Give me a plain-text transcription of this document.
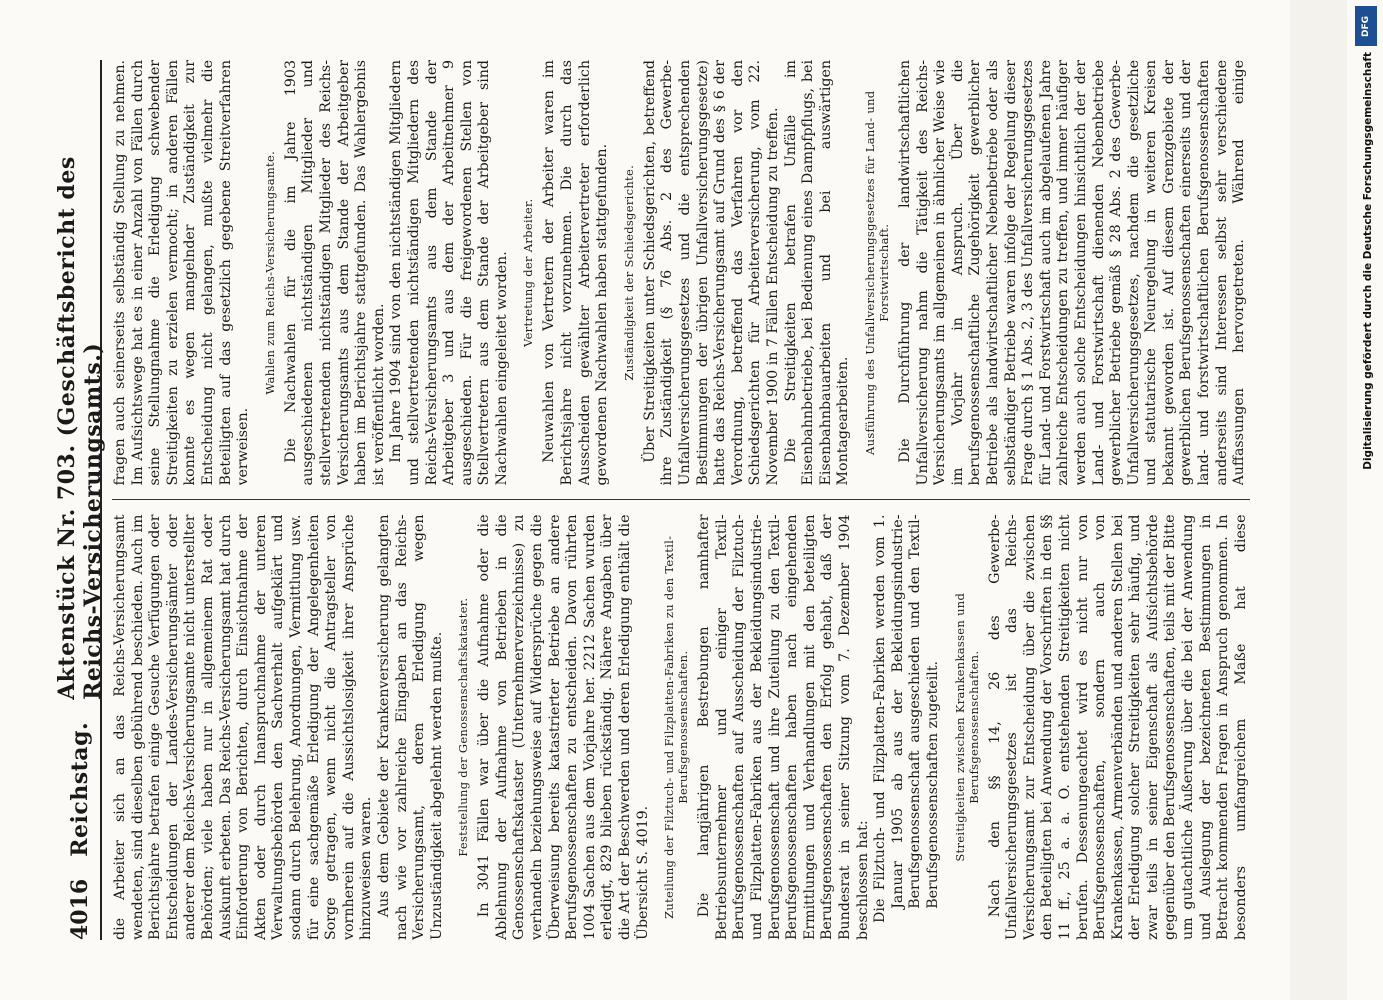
4016
Reichstag.
Aktenstück Nr. 703. (Geschäftsbericht des Reichs-Versicherungsamts.) die Arbeiter sich an das Reichs-Versicherungsamt wendeten, sind dieselben gebührend beschieden. Auch im Berichtsjahre betrafen einige Gesuche Verfügungen oder Entscheidungen der Landes-Versicherungsämter oder anderer dem Reichs-Versicherungsamte nicht unterstellter Behörden; viele haben nur in allgemeinem Rat oder Auskunft erbeten. Das Reichs-Versicherungsamt hat durch Einforderung von Berichten, durch Einsichtnahme der Akten oder durch Inanspruchnahme der unteren Verwaltungsbehörden den Sachverhalt aufgeklärt und sodann durch Belehrung, Anordnungen, Vermittlung usw. für eine sachgemäße Erledigung der Angelegenheiten Sorge getragen, wenn nicht die Antragsteller von vornherein auf die Aussichtslosigkeit ihrer Ansprüche hinzuweisen waren. Aus dem Gebiete der Krankenversicherung gelangten nach wie vor zahlreiche Eingaben an das Reichs-Versicherungsamt, deren Erledigung wegen Unzuständigkeit abgelehnt werden mußte. Feststellung der Genossenschaftskataster. In 3041 Fällen war über die Aufnahme oder die Ablehnung der Aufnahme von Betrieben in die Genossenschaftskataster (Unternehmerverzeichnisse) zu verhandeln beziehungsweise auf Widersprüche gegen die Überweisung bereits katastrierter Betriebe an andere Berufsgenossenschaften zu entscheiden. Davon rührten 1004 Sachen aus dem Vorjahre her. 2212 Sachen wurden erledigt, 829 blieben rückständig. Nähere Angaben über die Art der Beschwerden und deren Erledigung enthält die Übersicht S. 4019. Zuteilung der Filztuch- und Filzplatten-Fabriken zu den Textil-Berufsgenossenschaften. Die langjährigen Bestrebungen namhafter Betriebsunternehmer und einiger Textil-Berufsgenossenschaften auf Ausscheidung der Filztuch- und Filzplatten-Fabriken aus der Bekleidungsindustrie-Berufsgenossenschaft und ihre Zuteilung zu den Textil-Berufsgenossenschaften haben nach eingehenden Ermittlungen und Verhandlungen mit den beteiligten Berufsgenossenschaften den Erfolg gehabt, daß der Bundesrat in seiner Sitzung vom 7. Dezember 1904 beschlossen hat: Die Filztuch- und Filzplatten-Fabriken werden vom 1. Januar 1905 ab aus der Bekleidungsindustrie-Berufsgenossenschaft ausgeschieden und den Textil-Berufsgenossenschaften zugeteilt. Streitigkeiten zwischen Krankenkassen und Berufsgenossenschaften.

Nach den §§ 14, 26 des Gewerbe-Unfallversicherungsgesetzes ist das Reichs-Versicherungsamt zur Entscheidung über die zwischen den Beteiligten bei Anwendung der Vorschriften in den §§ 11 ff., 25 a. a. O. entstehenden Streitigkeiten nicht berufen. Dessenungeachtet wird es nicht nur von Berufsgenossenschaften, sondern auch von Krankenkassen, Armenverbänden und anderen Stellen bei der Erledigung solcher Streitigkeiten sehr häufig, und zwar teils in seiner Eigenschaft als Aufsichtsbehörde gegenüber den Berufsgenossenschaften, teils mit der Bitte um gutachtliche Äußerung über die bei der Anwendung und Auslegung der bezeichneten Bestimmungen in Betracht kommenden Fragen in Anspruch genommen. In besonders umfangreichem Maße hat diese

fragen auch seinerseits selbständig Stellung zu nehmen. Im Aufsichtswege hat es in einer Anzahl von Fällen durch seine Stellungnahme die Erledigung schwebender Streitigkeiten zu erzielen vermocht; in anderen Fällen konnte es wegen mangelnder Zuständigkeit zur Entscheidung nicht gelangen, mußte vielmehr die Beteiligten auf das gesetzlich gegebene Streitverfahren verweisen.

Wahlen zum Reichs-Versicherungsamte. Die Nachwahlen für die im Jahre 1903 ausgeschiedenen nichtständigen Mitglieder und stellvertretenden nichtständigen Mitglieder des Reichs-Versicherungsamts aus dem Stande der Arbeitgeber haben im Berichtsjahre stattgefunden. Das Wahlergebnis ist veröffentlicht worden. Im Jahre 1904 sind von den nichtständigen Mitgliedern und stellvertretenden nichtständigen Mitgliedern des Reichs-Versicherungsamts aus dem Stande der Arbeitgeber 3 und aus dem der Arbeitnehmer 9 ausgeschieden. Für die freigewordenen Stellen von Stellvertretern aus dem Stande der Arbeitgeber sind Nachwahlen eingeleitet worden. Vertretung der Arbeiter. Neuwahlen von Vertretern der Arbeiter waren im Berichtsjahre nicht vorzunehmen. Die durch das Ausscheiden gewählter Arbeitervertreter erforderlich gewordenen Nachwahlen haben stattgefunden. Zuständigkeit der Schiedsgerichte. Über Streitigkeiten unter Schiedsgerichten, betreffend ihre Zuständigkeit (§ 76 Abs. 2 des Gewerbe-Unfallversicherungsgesetzes und die entsprechenden Bestimmungen der übrigen Unfallversicherungsgesetze) hatte das Reichs-Versicherungsamt auf Grund des § 6 der Verordnung, betreffend das Verfahren vor den Schiedsgerichten für Arbeiterversicherung, vom 22. November 1900 in 7 Fällen Entscheidung zu treffen. Die Streitigkeiten betrafen Unfälle im Eisenbahnbetriebe, bei Bedienung eines Dampfpflugs, bei Eisenbahnbauarbeiten und bei auswärtigen Montagearbeiten. Ausführung des Unfallversicherungsgesetzes für Land- und Forstwirtschaft.

Die Durchführung der landwirtschaftlichen Unfallversicherung nahm die Tätigkeit des Reichs-Versicherungsamts im allgemeinen in ähnlicher Weise wie im Vorjahr in Anspruch. Über die berufsgenossenschaftliche Zugehörigkeit gewerblicher Betriebe als landwirtschaftlicher Nebenbetriebe oder als selbständiger Betriebe waren infolge der Regelung dieser Frage durch § 1 Abs. 2, 3 des Unfallversicherungsgesetzes für Land- und Forstwirtschaft auch im abgelaufenen Jahre zahlreiche Entscheidungen zu treffen, und immer häufiger werden auch solche Entscheidungen hinsichtlich der der Land- und Forstwirtschaft dienenden Nebenbetriebe gewerblicher Betriebe gemäß § 28 Abs. 2 des Gewerbe-Unfallversicherungsgesetzes, nachdem die gesetzliche und statutarische Neuregelung in weiteren Kreisen bekannt geworden ist. Auf diesem Grenzgebiete der gewerblichen Berufsgenossenschaften einerseits und der land- und forstwirtschaftlichen Berufsgenossenschaften anderseits sind Interessen selbst sehr verschiedene Auffassungen hervorgetreten. Während einige

DFG
Digitalisierung gefördert durch die Deutsche Forschungsgemeinschaft
